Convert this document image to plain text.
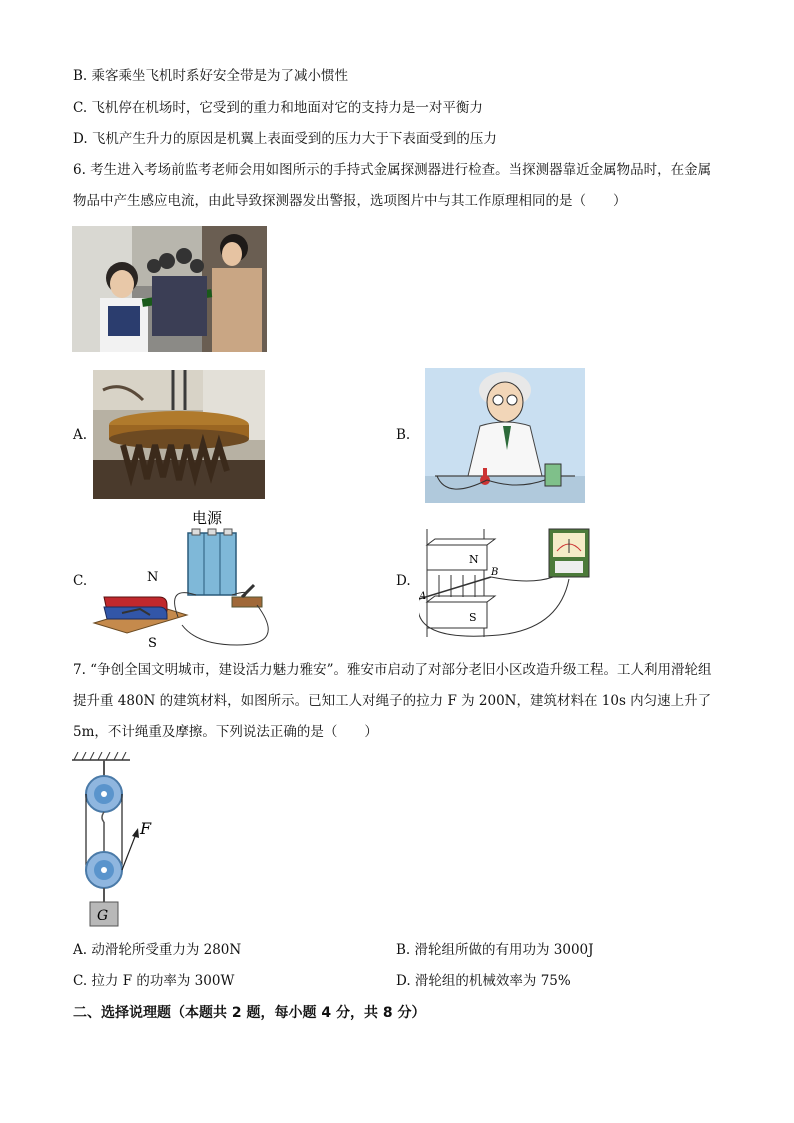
B. 乘客乘坐飞机时系好安全带是为了减小惯性
C. 飞机停在机场时，它受到的重力和地面对它的支持力是一对平衡力
D. 飞机产生升力的原因是机翼上表面受到的压力大于下表面受到的压力
6. 考生进入考场前监考老师会用如图所示的手持式金属探测器进行检查。当探测器靠近金属物品时，在金属物品中产生感应电流，由此导致探测器发出警报，选项图片中与其工作原理相同的是（　　）
A.	B.
C.
电源
N
S
D.
N
S
A
B
7. “争创全国文明城市，建设活力魅力雅安”。雅安市启动了对部分老旧小区改造升级工程。工人利用滑轮组提升重 480N 的建筑材料，如图所示。已知工人对绳子的拉力 F 为 200N，建筑材料在 10s 内匀速上升了 5m，不计绳重及摩擦。下列说法正确的是（　　）
F
G
A. 动滑轮所受重力为 280N	B. 滑轮组所做的有用功为 3000J
C. 拉力 F 的功率为 300W	D. 滑轮组的机械效率为 75%
二、选择说理题（本题共 2 题，每小题 4 分，共 8 分）
